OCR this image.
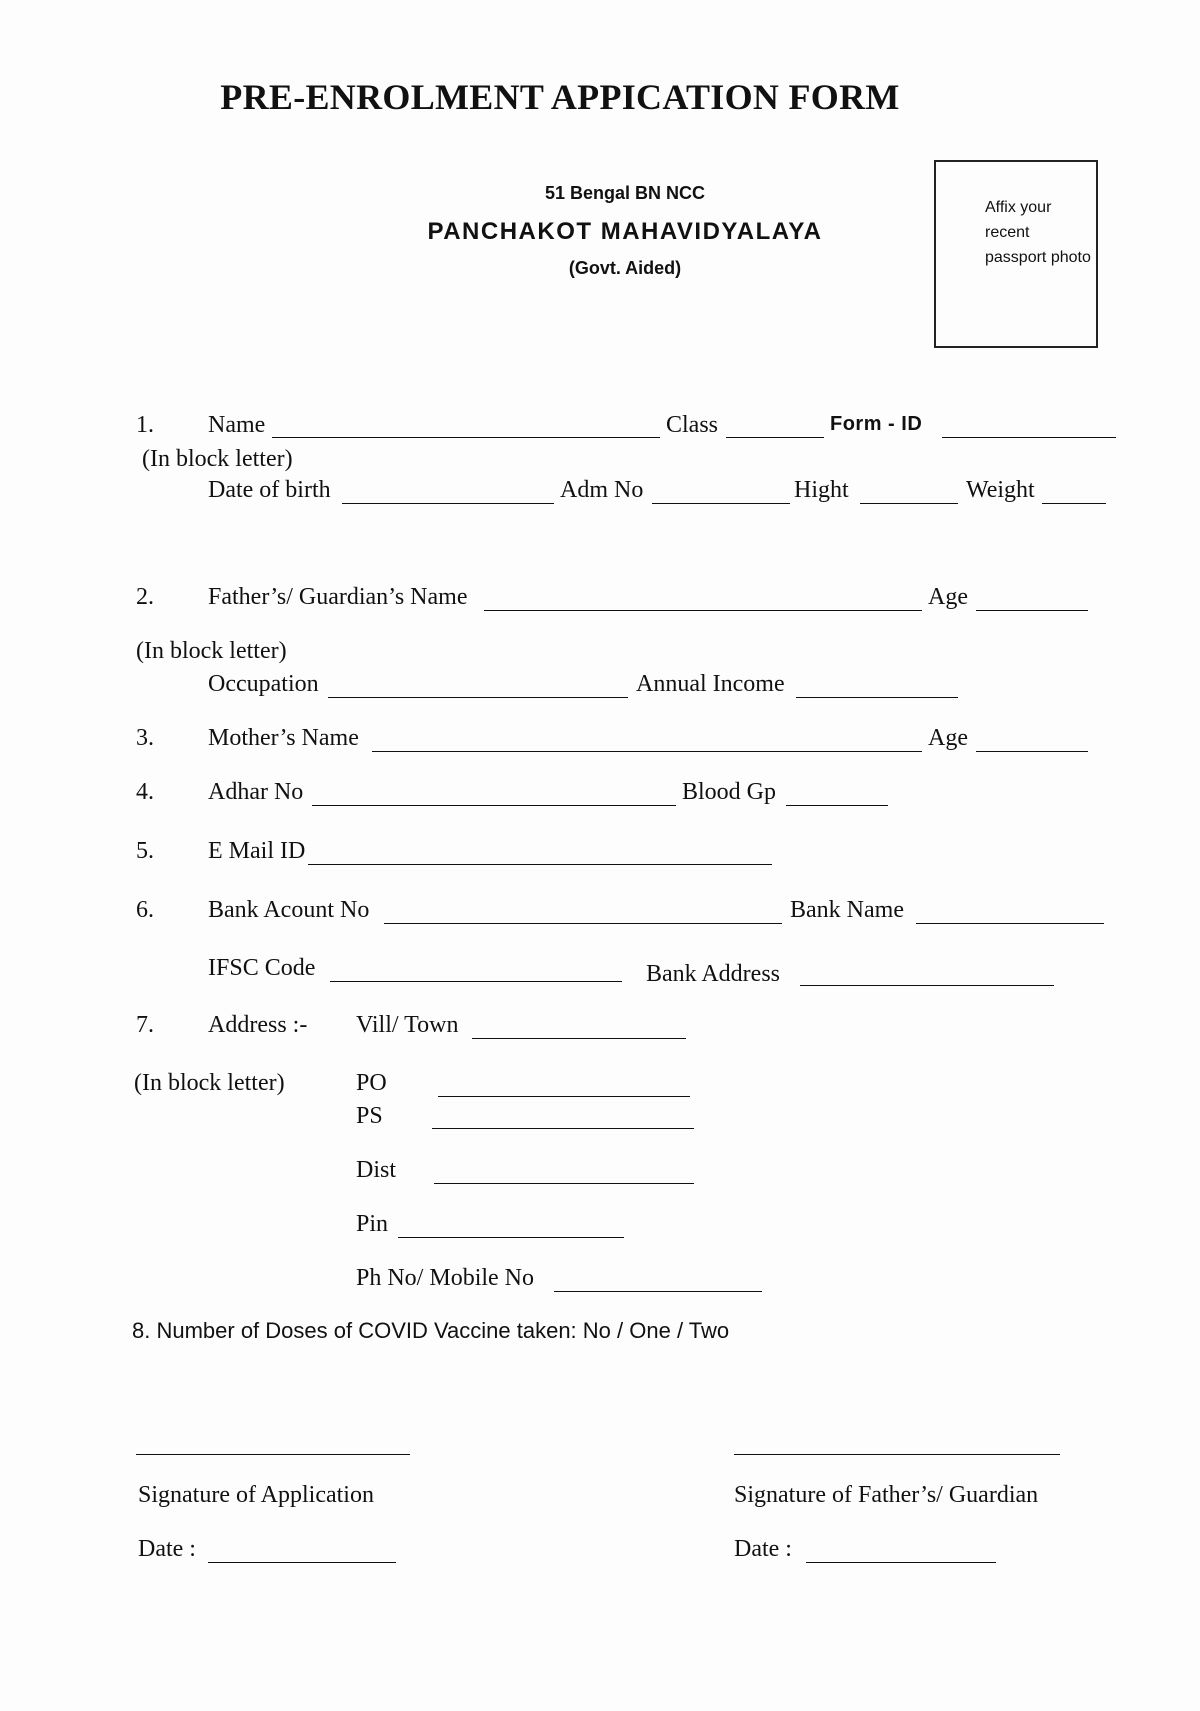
PRE-ENROLMENT APPICATION FORM
51 Bengal BN NCC
PANCHAKOT MAHAVIDYALAYA
(Govt. Aided)
Affix your recent passport photo
1. Name	Class	Form - ID
(In block letter)
Date of birth	Adm No	Hight	Weight
2. Father’s/ Guardian’s Name	Age
(In block letter)
Occupation	Annual Income
3. Mother’s Name	Age
4. Adhar No	Blood Gp
5. E Mail ID
6. Bank Acount No	Bank Name
IFSC Code	Bank Address
7. Address :- Vill/ Town
(In block letter)	PO
PS
Dist
Pin
Ph No/ Mobile No
8. Number of Doses of COVID Vaccine taken: No / One / Two
Signature of Application	Signature of Father’s/ Guardian
Date :	Date :
